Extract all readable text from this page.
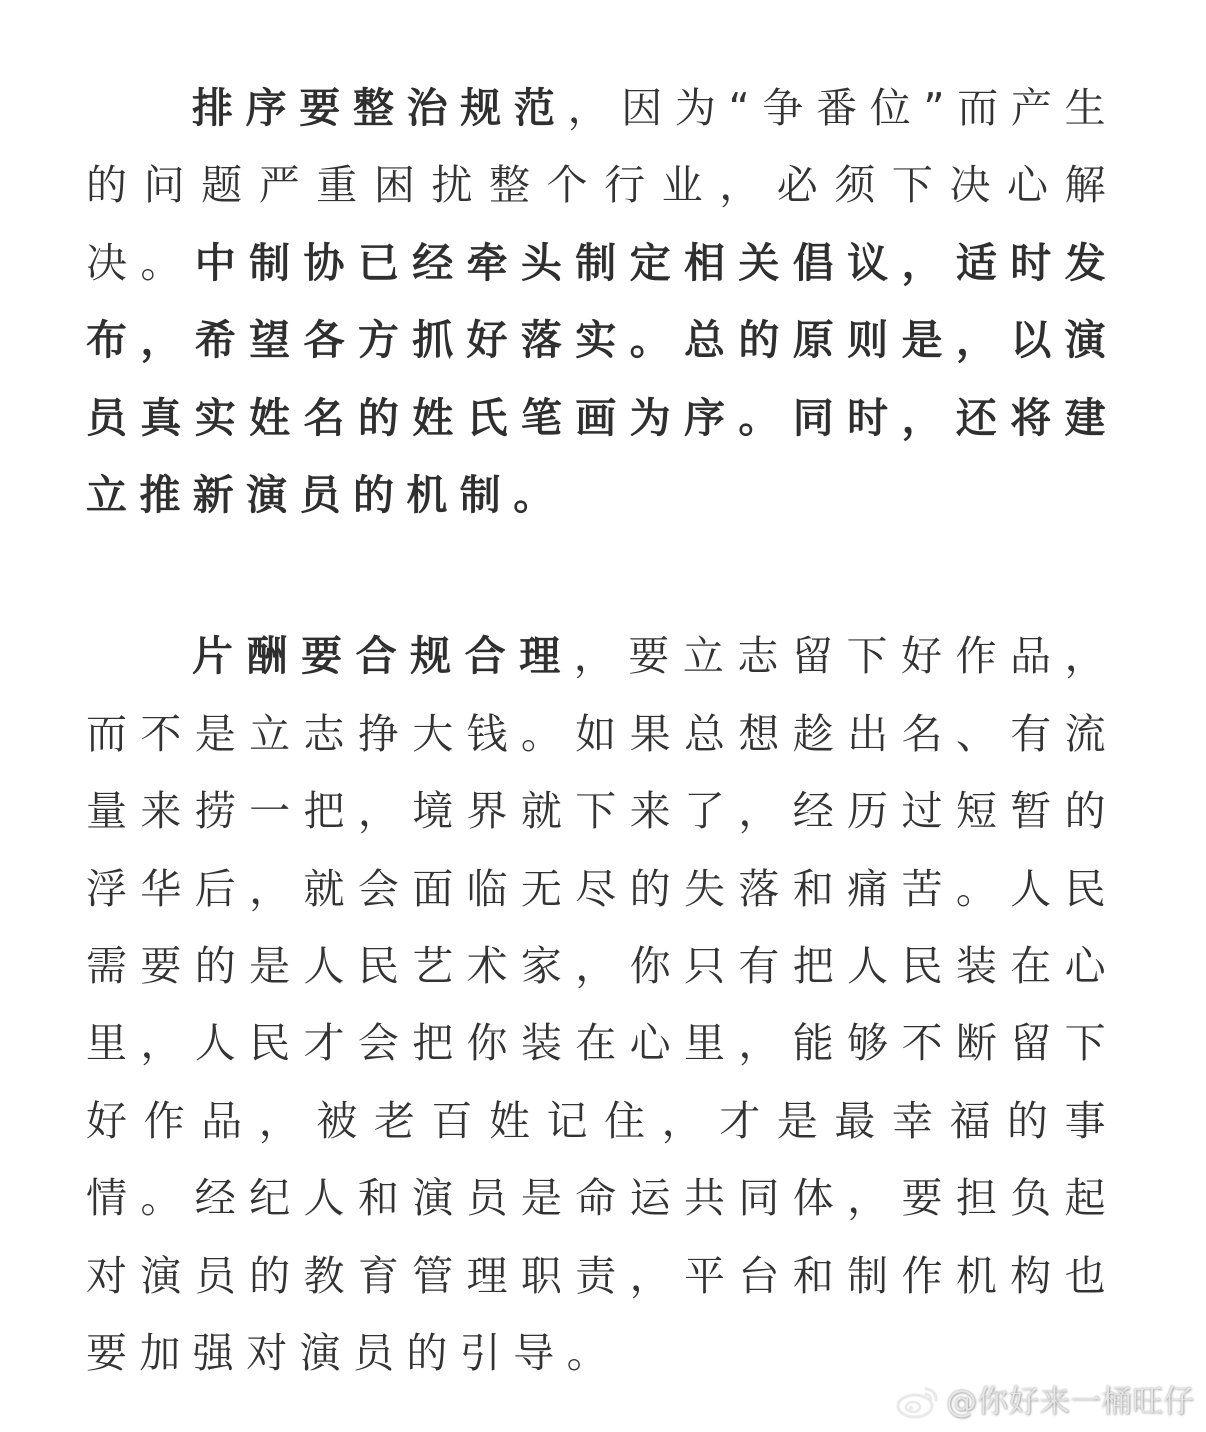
排序要整治规范，因为“争番位”而产生的问题严重困扰整个行业，必须下决心解决。中制协已经牵头制定相关倡议，适时发布，希望各方抓好落实。总的原则是，以演员真实姓名的姓氏笔画为序。同时，还将建立推新演员的机制。

片酬要合规合理，要立志留下好作品，而不是立志挣大钱。如果总想趁出名、有流量来捞一把，境界就下来了，经历过短暂的浮华后，就会面临无尽的失落和痛苦。人民需要的是人民艺术家，你只有把人民装在心里，人民才会把你装在心里，能够不断留下好作品，被老百姓记住，才是最幸福的事情。经纪人和演员是命运共同体，要担负起对演员的教育管理职责，平台和制作机构也要加强对演员的引导。

@你好来一桶旺仔
